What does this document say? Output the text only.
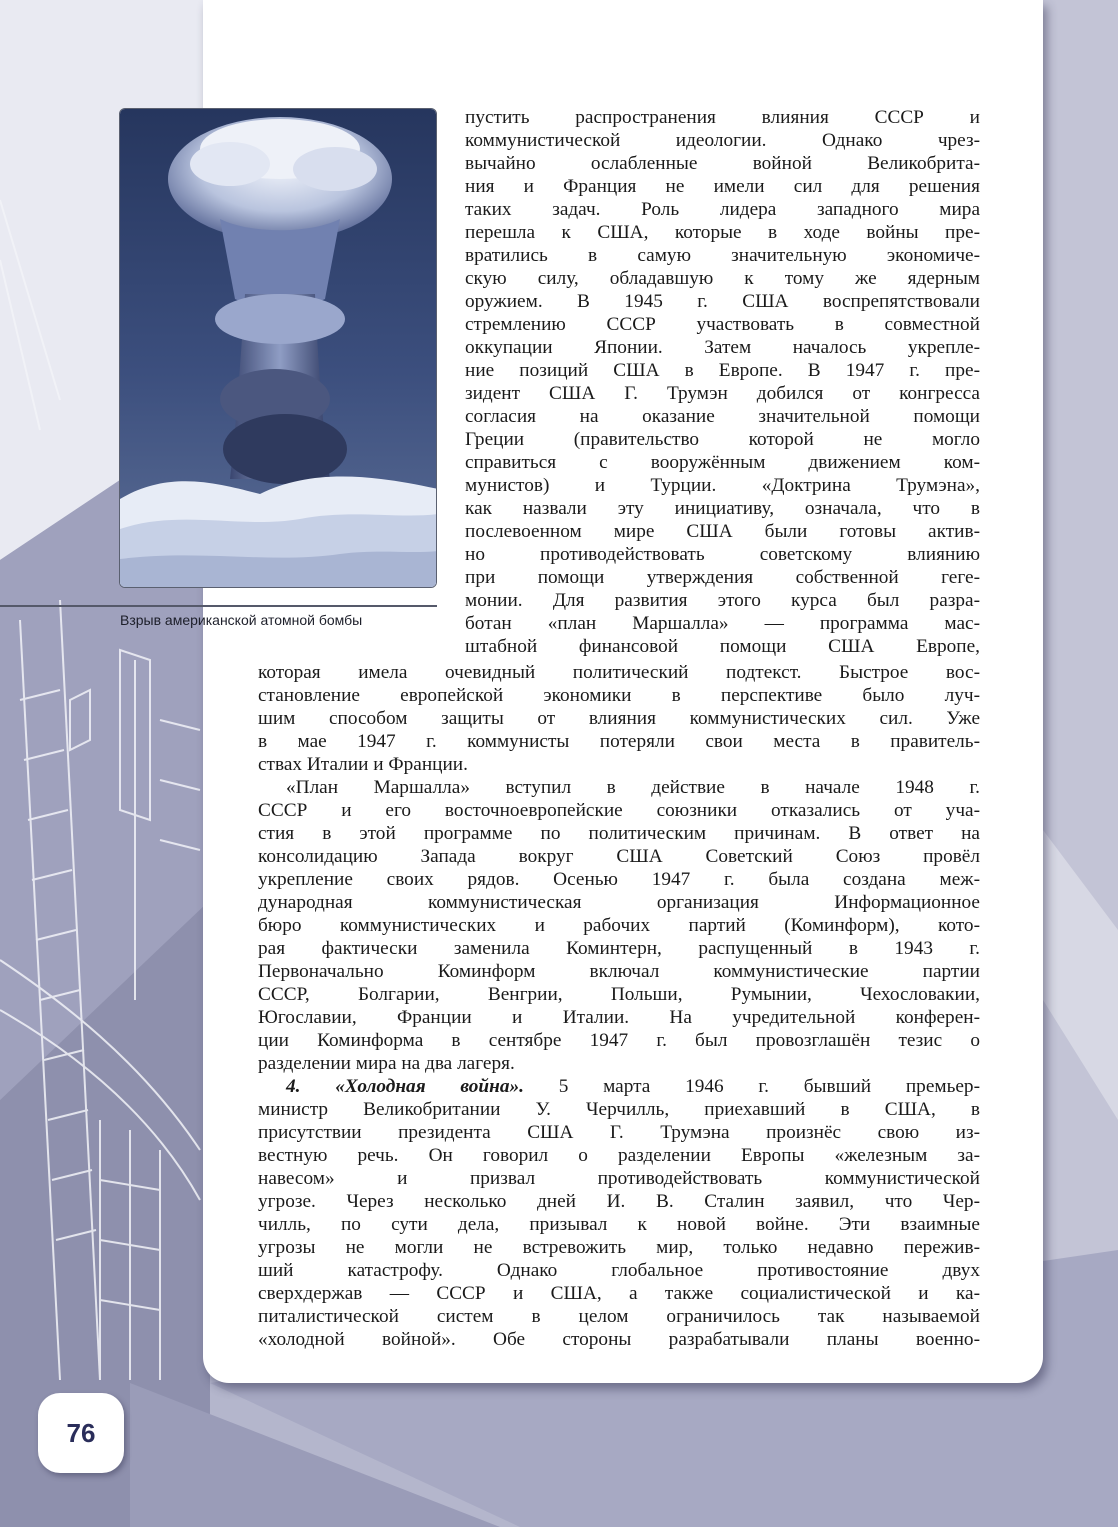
Взрыв американской атомной бомбы

пустить распространения влияния СССР и

коммунистической идеологии. Однако чрез-

вычайно ослабленные войной Великобрита-

ния и Франция не имели сил для решения

таких задач. Роль лидера западного мира

перешла к США, которые в ходе войны пре-

вратились в самую значительную экономиче-

скую силу, обладавшую к тому же ядерным

оружием. В 1945 г. США воспрепятствовали

стремлению СССР участвовать в совместной

оккупации Японии. Затем началось укрепле-

ние позиций США в Европе. В 1947 г. пре-

зидент США Г. Трумэн добился от конгресса

согласия на оказание значительной помощи

Греции (правительство которой не могло

справиться с вооружённым движением ком-

мунистов) и Турции. «Доктрина Трумэна»,

как назвали эту инициативу, означала, что в

послевоенном мире США были готовы актив-

но противодействовать советскому влиянию

при помощи утверждения собственной геге-

монии. Для развития этого курса был разра-

ботан «план Маршалла» — программа мас-

штабной финансовой помощи США Европе,

которая имела очевидный политический подтекст. Быстрое вос-

становление европейской экономики в перспективе было луч-

шим способом защиты от влияния коммунистических сил. Уже

в мае 1947 г. коммунисты потеряли свои места в правитель-

ствах Италии и Франции.

«План Маршалла» вступил в действие в начале 1948 г.

СССР и его восточноевропейские союзники отказались от уча-

стия в этой программе по политическим причинам. В ответ на

консолидацию Запада вокруг США Советский Союз провёл

укрепление своих рядов. Осенью 1947 г. была создана меж-

дународная коммунистическая организация Информационное

бюро коммунистических и рабочих партий (Коминформ), кото-

рая фактически заменила Коминтерн, распущенный в 1943 г.

Первоначально Коминформ включал коммунистические партии

СССР, Болгарии, Венгрии, Польши, Румынии, Чехословакии,

Югославии, Франции и Италии. На учредительной конферен-

ции Коминформа в сентябре 1947 г. был провозглашён тезис о

разделении мира на два лагеря.

4. «Холодная война». 5 марта 1946 г. бывший премьер-

министр Великобритании У. Черчилль, приехавший в США, в

присутствии президента США Г. Трумэна произнёс свою из-

вестную речь. Он говорил о разделении Европы «железным за-

навесом» и призвал противодействовать коммунистической

угрозе. Через несколько дней И. В. Сталин заявил, что Чер-

чилль, по сути дела, призывал к новой войне. Эти взаимные

угрозы не могли не встревожить мир, только недавно пережив-

ший катастрофу. Однако глобальное противостояние двух

сверхдержав — СССР и США, а также социалистической и ка-

питалистической систем в целом ограничилось так называемой

«холодной войной». Обе стороны разрабатывали планы военно-

76
